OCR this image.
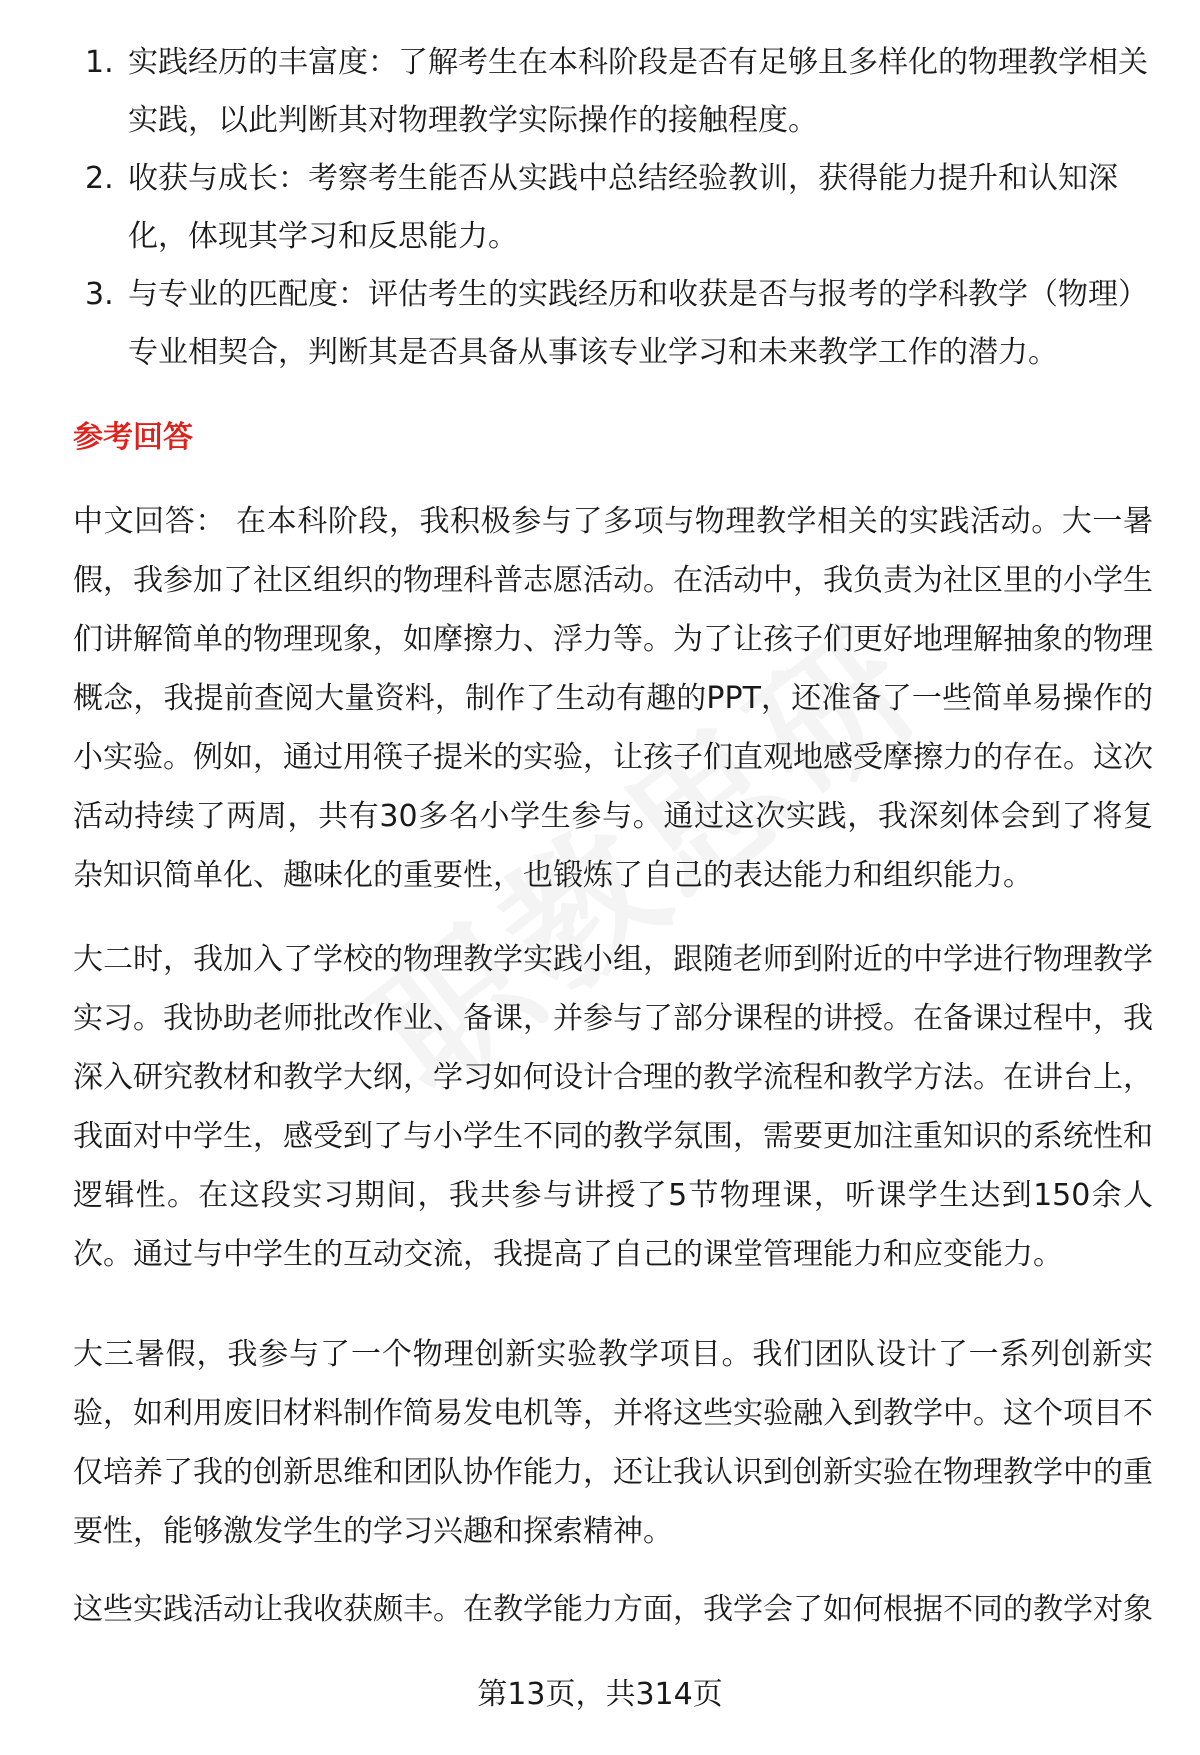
1. 实践经历的丰富度：了解考生在本科阶段是否有足够且多样化的物理教学相关实践，以此判断其对物理教学实际操作的接触程度。
2. 收获与成长：考察考生能否从实践中总结经验教训，获得能力提升和认知深化，体现其学习和反思能力。
3. 与专业的匹配度：评估考生的实践经历和收获是否与报考的学科教学（物理）专业相契合，判断其是否具备从事该专业学习和未来教学工作的潜力。
参考回答

中文回答： 在本科阶段，我积极参与了多项与物理教学相关的实践活动。大一暑假，我参加了社区组织的物理科普志愿活动。在活动中，我负责为社区里的小学生们讲解简单的物理现象，如摩擦力、浮力等。为了让孩子们更好地理解抽象的物理概念，我提前查阅大量资料，制作了生动有趣的PPT，还准备了一些简单易操作的小实验。例如，通过用筷子提米的实验，让孩子们直观地感受摩擦力的存在。这次活动持续了两周，共有30多名小学生参与。通过这次实践，我深刻体会到了将复杂知识简单化、趣味化的重要性，也锻炼了自己的表达能力和组织能力。

大二时，我加入了学校的物理教学实践小组，跟随老师到附近的中学进行物理教学实习。我协助老师批改作业、备课，并参与了部分课程的讲授。在备课过程中，我深入研究教材和教学大纲，学习如何设计合理的教学流程和教学方法。在讲台上，我面对中学生，感受到了与小学生不同的教学氛围，需要更加注重知识的系统性和逻辑性。在这段实习期间，我共参与讲授了5节物理课，听课学生达到150余人次。通过与中学生的互动交流，我提高了自己的课堂管理能力和应变能力。

大三暑假，我参与了一个物理创新实验教学项目。我们团队设计了一系列创新实验，如利用废旧材料制作简易发电机等，并将这些实验融入到教学中。这个项目不仅培养了我的创新思维和团队协作能力，还让我认识到创新实验在物理教学中的重要性，能够激发学生的学习兴趣和探索精神。

这些实践活动让我收获颇丰。在教学能力方面，我学会了如何根据不同的教学对象

第13页，共314页
